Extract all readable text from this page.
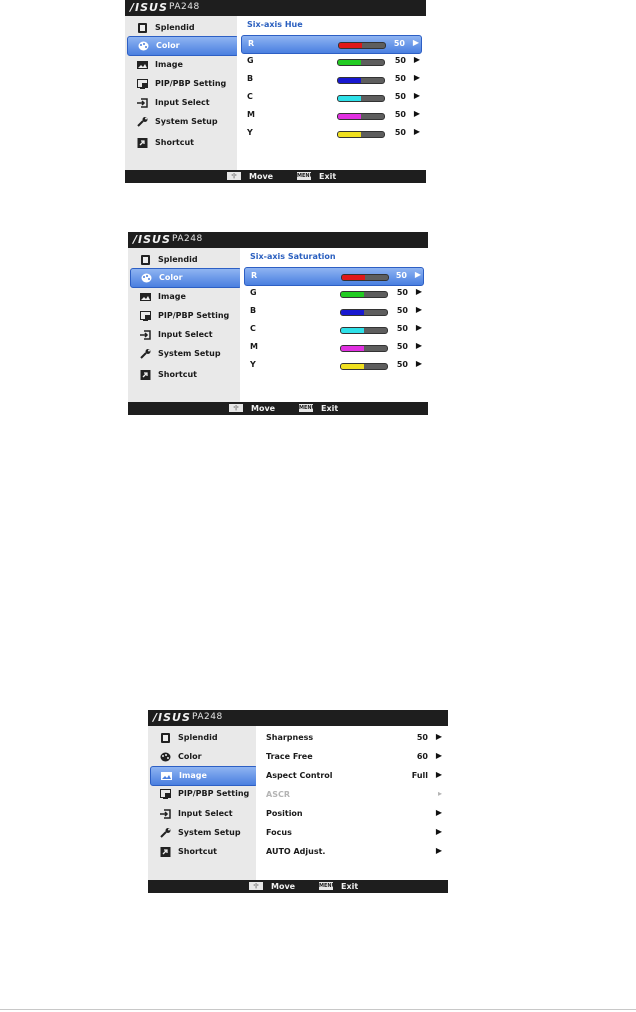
/ISUS PA248
Splendid
Color
Image
PIP/PBP Setting
Input Select
System Setup
Shortcut
Six-axis Hue
R	50 ▶
G	50 ▶
B	50 ▶
C	50 ▶
M	50 ▶
Y	50 ▶
·|·	Move	MENU Exit
/ISUS PA248
Splendid
Color
Image
PIP/PBP Setting
Input Select
System Setup
Shortcut
Six-axis Saturation
R	50 ▶
G	50 ▶
B	50 ▶
C	50 ▶
M	50 ▶
Y	50 ▶
·|·	Move	MENU Exit
/ISUS PA248
Splendid
Color
Image
PIP/PBP Setting
Input Select
System Setup
Shortcut
Sharpness	50 ▶
Trace Free	60 ▶
Aspect Control	Full ▶
ASCR	▸
Position	▶
Focus	▶
AUTO Adjust.	▶
·|·	Move	MENU Exit
